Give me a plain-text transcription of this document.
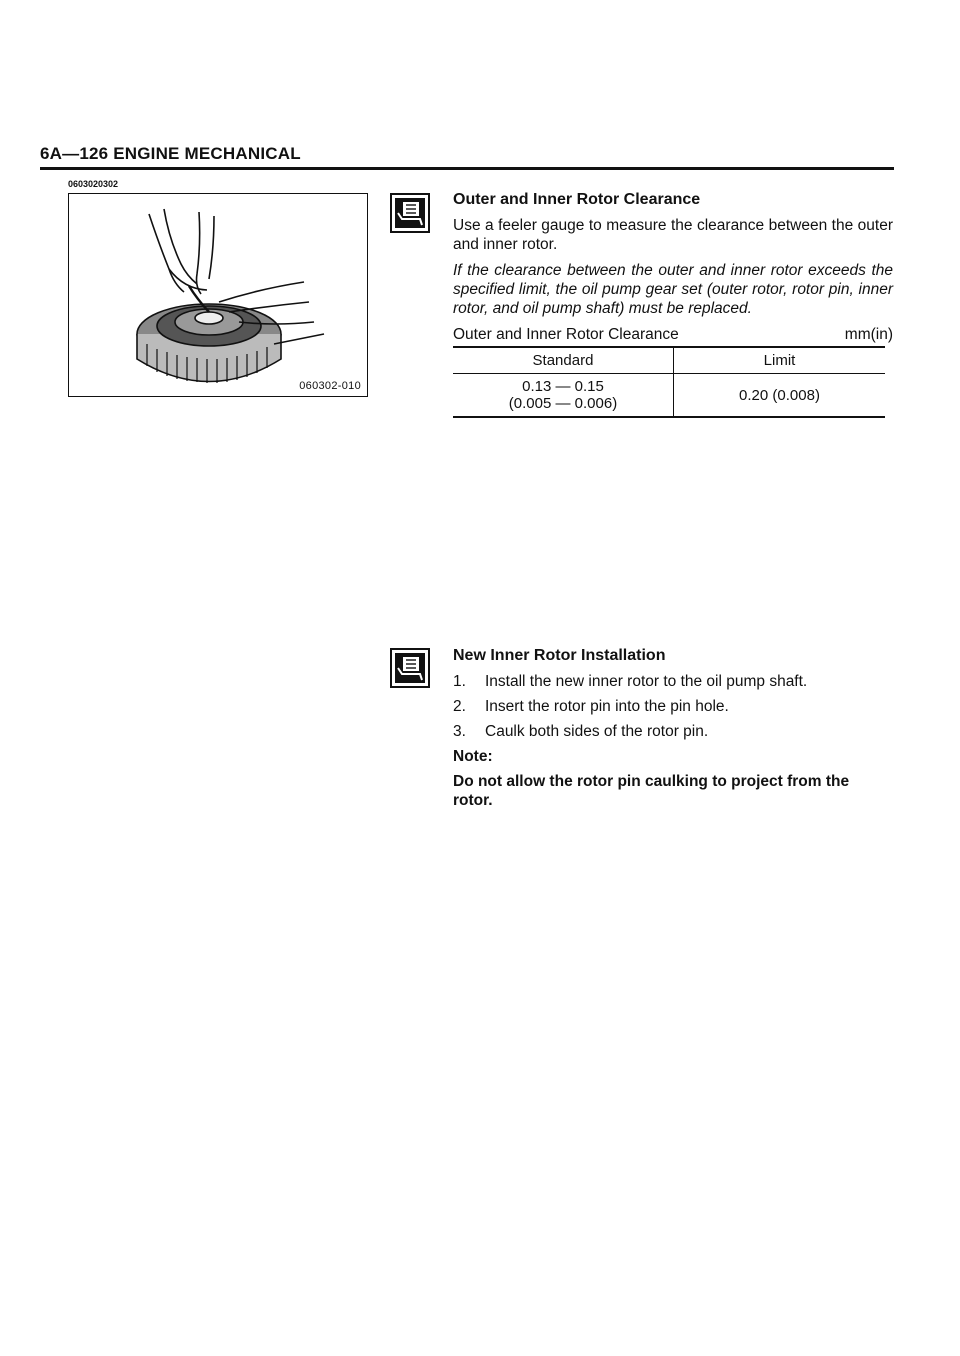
6A—126 ENGINE MECHANICAL
0603020302
060302-010
Outer and Inner Rotor Clearance

Use a feeler gauge to measure the clearance between the outer and inner rotor.

If the clearance between the outer and inner rotor exceeds the specified limit, the oil pump gear set (outer rotor, rotor pin, inner rotor, and oil pump shaft) must be replaced.

Outer and Inner Rotor Clearance	mm(in)
Standard	Limit

0.13 — 0.15
(0.005 — 0.006)	0.20 (0.008)
New Inner Rotor Installation
1.	Install the new inner rotor to the oil pump shaft.
2.	Insert the rotor pin into the pin hole.
3.	Caulk both sides of the rotor pin.
Note:
Do not allow the rotor pin caulking to project from the rotor.
